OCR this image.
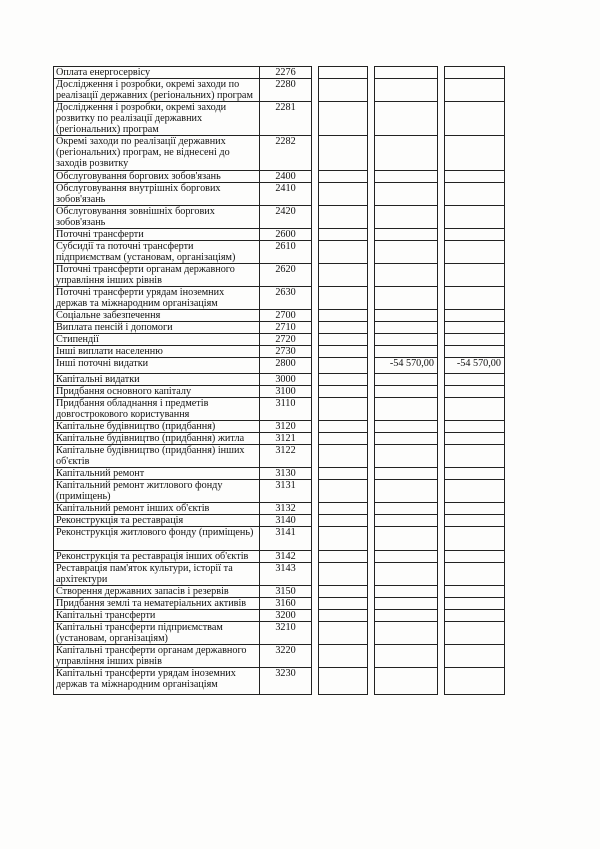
Оплата енергосервісу	2276						
Дослідження і розробки, окремі заходи по реалізації державних (регіональних) програм	2280						
Дослідження і розробки, окремі заходи розвитку по реалізації державних (регіональних) програм	2281						
Окремі заходи по реалізації державних (регіональних) програм, не віднесені до заходів розвитку	2282						
Обслуговування боргових зобов'язань	2400						
Обслуговування внутрішніх боргових зобов'язань	2410						
Обслуговування зовнішніх боргових зобов'язань	2420						
Поточні трансферти	2600						
Субсидії та поточні трансферти підприємствам (установам, організаціям)	2610						
Поточні трансферти органам державного управління інших рівнів	2620						
Поточні трансферти урядам іноземних держав та міжнародним організаціям	2630						
Соціальне забезпечення	2700						
Виплата пенсій і допомоги	2710						
Стипендії	2720						
Інші виплати населенню	2730						
Інші поточні видатки	2800				-54 570,00		-54 570,00
Капітальні видатки	3000						
Придбання основного капіталу	3100						
Придбання обладнання і предметів довгострокового користування	3110						
Капітальне будівництво (придбання)	3120						
Капітальне будівництво (придбання) житла	3121						
Капітальне будівництво (придбання) інших об'єктів	3122						
Капітальний ремонт	3130						
Капітальний ремонт житлового фонду (приміщень)	3131						
Капітальний ремонт інших об'єктів	3132						
Реконструкція та реставрація	3140						
Реконструкція житлового фонду (приміщень)	3141						
Реконструкція та реставрація інших об'єктів	3142						
Реставрація пам'яток культури, історії та архітектури	3143						
Створення державних запасів і резервів	3150						
Придбання землі та нематеріальних активів	3160						
Капітальні трансферти	3200						
Капітальні трансферти підприємствам (установам, організаціям)	3210						
Капітальні трансферти органам державного управління інших рівнів	3220						
Капітальні трансферти урядам іноземних держав та міжнародним організаціям	3230						
